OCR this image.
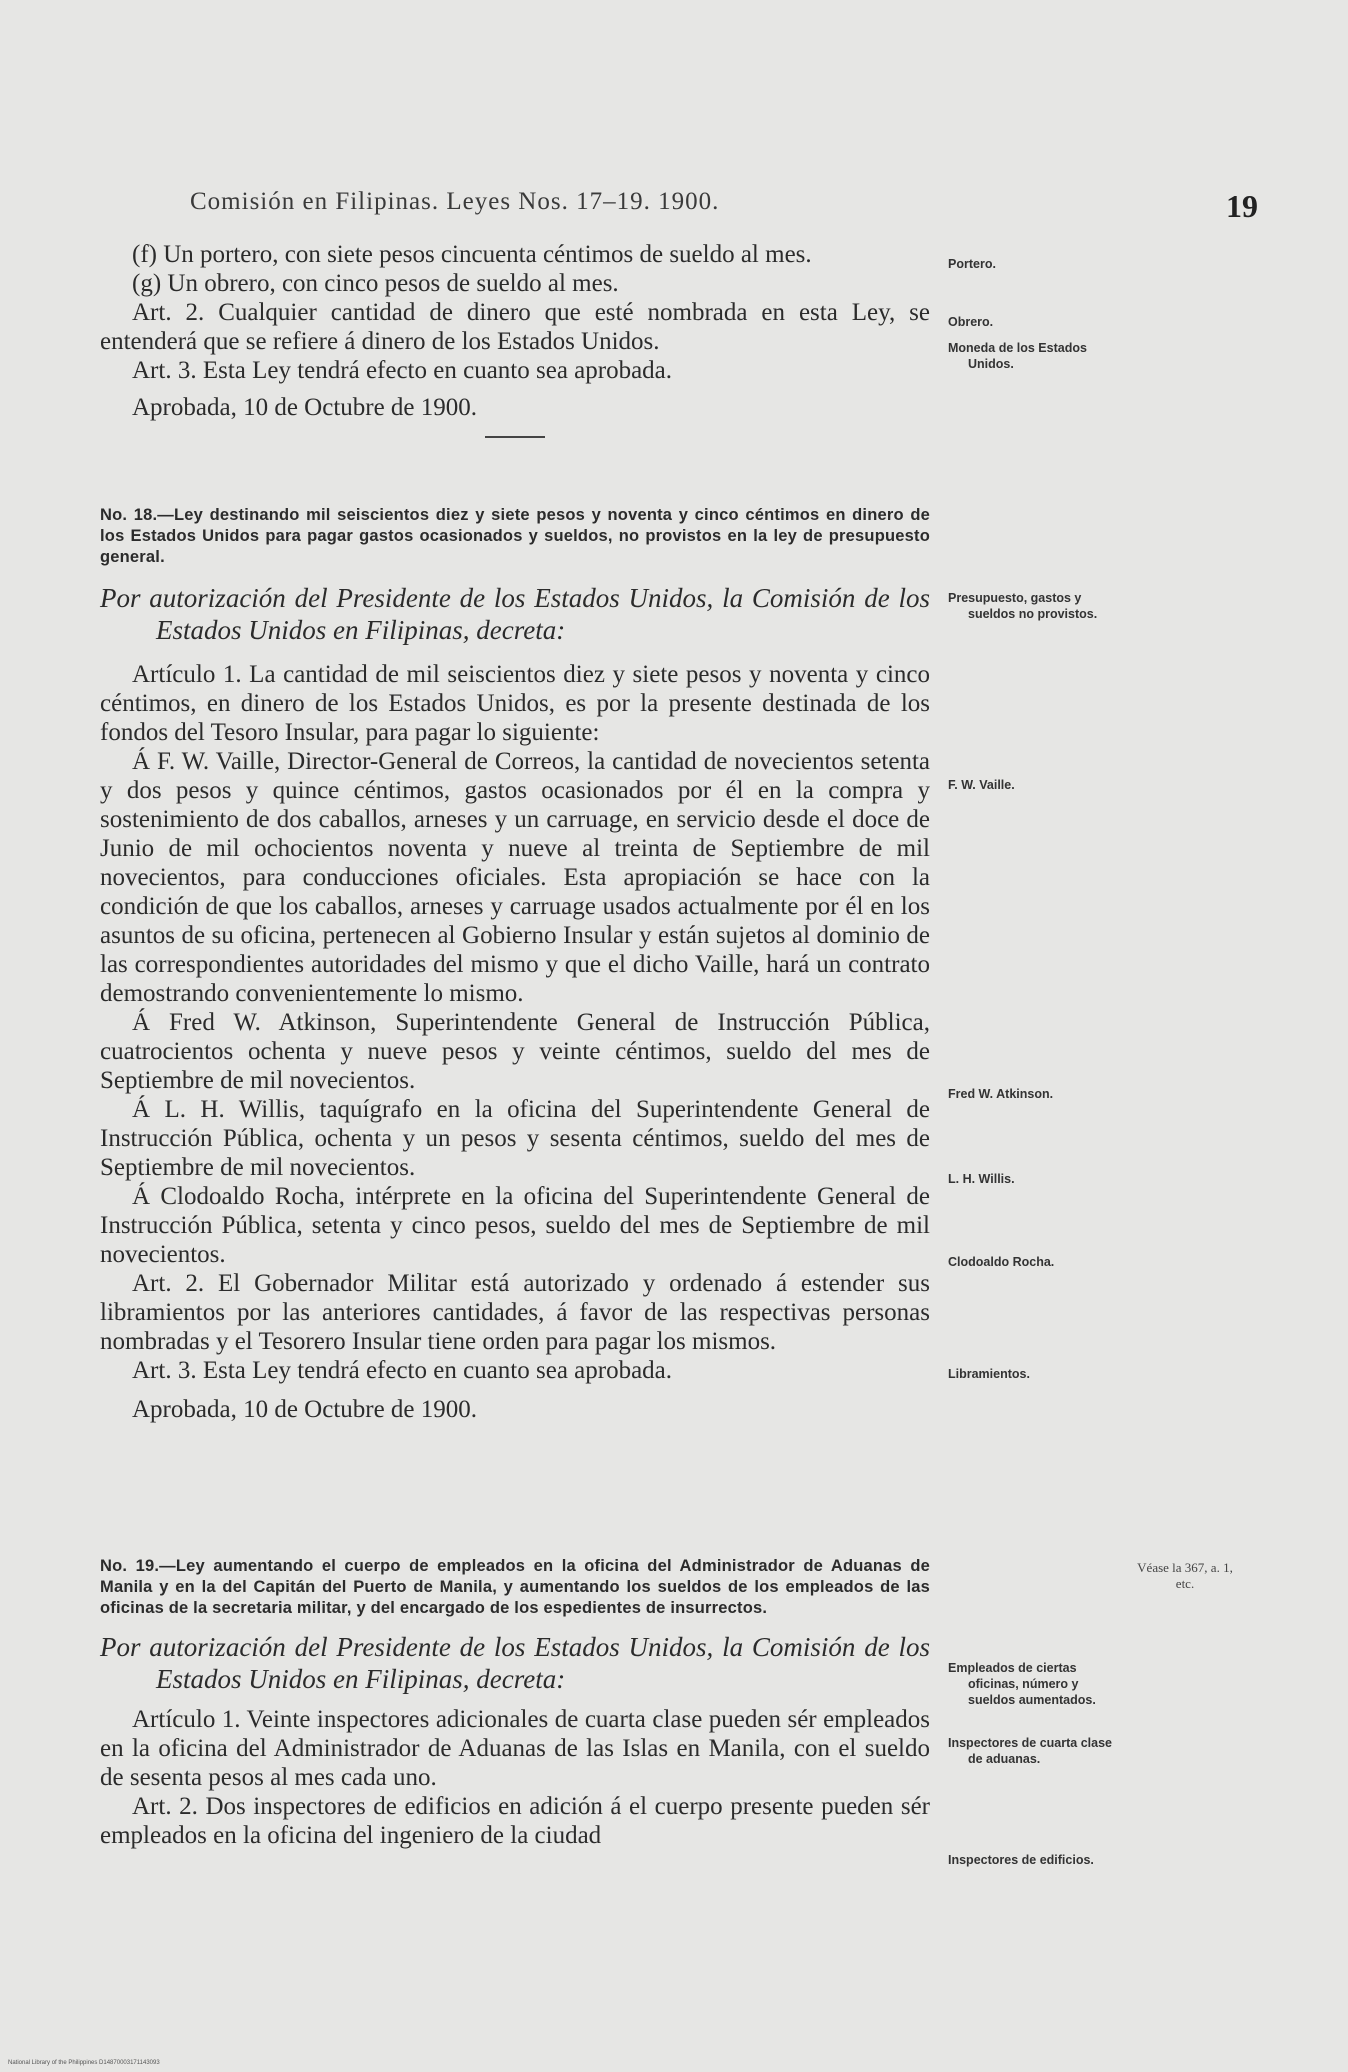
Comisión en Filipinas. Leyes Nos. 17–19. 1900.	19

(f) Un portero, con siete pesos cincuenta céntimos de sueldo al mes.

(g) Un obrero, con cinco pesos de sueldo al mes.

Art. 2. Cualquier cantidad de dinero que esté nombrada en esta Ley, se entenderá que se refiere á dinero de los Estados Unidos.

Art. 3. Esta Ley tendrá efecto en cuanto sea aprobada.

Aprobada, 10 de Octubre de 1900.

No. 18.—Ley destinando mil seiscientos diez y siete pesos y noventa y cinco céntimos en dinero de los Estados Unidos para pagar gastos ocasionados y sueldos, no provistos en la ley de presupuesto general.

Por autorización del Presidente de los Estados Unidos, la Comisión de los Estados Unidos en Filipinas, decreta:

Artículo 1. La cantidad de mil seiscientos diez y siete pesos y noventa y cinco céntimos, en dinero de los Estados Unidos, es por la presente destinada de los fondos del Tesoro Insular, para pagar lo siguiente:

Á F. W. Vaille, Director-General de Correos, la cantidad de novecientos setenta y dos pesos y quince céntimos, gastos ocasionados por él en la compra y sostenimiento de dos caballos, arneses y un carruage, en servicio desde el doce de Junio de mil ochocientos noventa y nueve al treinta de Septiembre de mil novecientos, para conducciones oficiales. Esta apropiación se hace con la condición de que los caballos, arneses y carruage usados actualmente por él en los asuntos de su oficina, pertenecen al Gobierno Insular y están sujetos al dominio de las correspondientes autoridades del mismo y que el dicho Vaille, hará un contrato demostrando convenientemente lo mismo.

Á Fred W. Atkinson, Superintendente General de Instrucción Pública, cuatrocientos ochenta y nueve pesos y veinte céntimos, sueldo del mes de Septiembre de mil novecientos.

Á L. H. Willis, taquígrafo en la oficina del Superintendente General de Instrucción Pública, ochenta y un pesos y sesenta céntimos, sueldo del mes de Septiembre de mil novecientos.

Á Clodoaldo Rocha, intérprete en la oficina del Superintendente General de Instrucción Pública, setenta y cinco pesos, sueldo del mes de Septiembre de mil novecientos.

Art. 2. El Gobernador Militar está autorizado y ordenado á estender sus libramientos por las anteriores cantidades, á favor de las respectivas personas nombradas y el Tesorero Insular tiene orden para pagar los mismos.

Art. 3. Esta Ley tendrá efecto en cuanto sea aprobada.

Aprobada, 10 de Octubre de 1900.

No. 19.—Ley aumentando el cuerpo de empleados en la oficina del Administrador de Aduanas de Manila y en la del Capitán del Puerto de Manila, y aumentando los sueldos de los empleados de las oficinas de la secretaria militar, y del encargado de los espedientes de insurrectos.

Por autorización del Presidente de los Estados Unidos, la Comisión de los Estados Unidos en Filipinas, decreta:

Artículo 1. Veinte inspectores adicionales de cuarta clase pueden sér empleados en la oficina del Administrador de Aduanas de las Islas en Manila, con el sueldo de sesenta pesos al mes cada uno.

Art. 2. Dos inspectores de edificios en adición á el cuerpo presente pueden sér empleados en la oficina del ingeniero de la ciudad

Portero.
Obrero.
Moneda de los Estados Unidos.
Presupuesto, gastos y sueldos no provistos.
F. W. Vaille.
Fred W. Atkinson.
L. H. Willis.
Clodoaldo Rocha.
Libramientos.
Véase la 367, a. 1, etc.
Empleados de ciertas oficinas, número y sueldos aumentados.
Inspectores de cuarta clase de aduanas.
Inspectores de edificios.
National Library of the Philippines D14870003171143093
